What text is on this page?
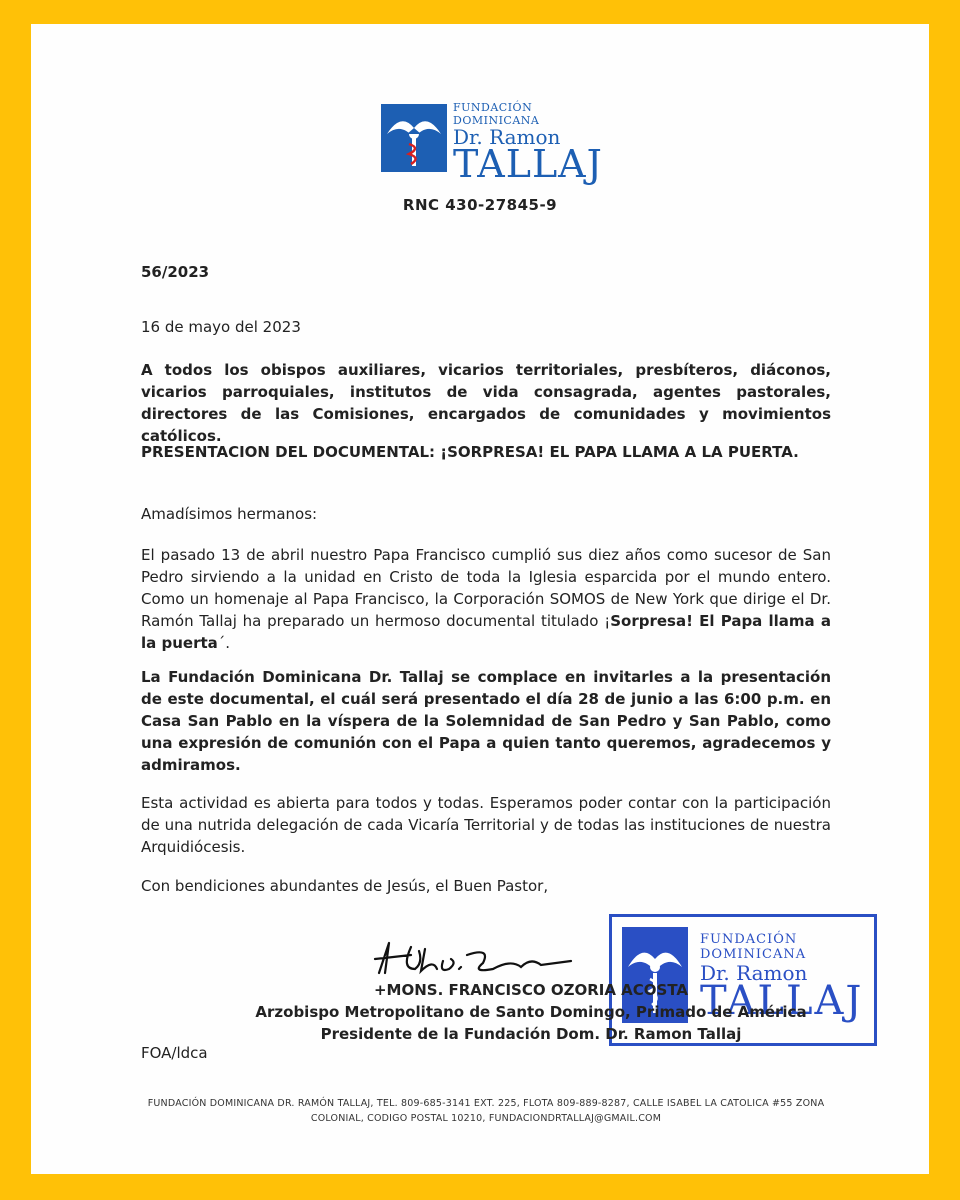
FUNDACIÓN
DOMINICANA
Dr. Ramon
TALLAJ
RNC 430-27845-9
56/2023
16 de mayo del 2023
A todos los obispos auxiliares, vicarios territoriales, presbíteros, diáconos, vicarios parroquiales, institutos de vida consagrada, agentes pastorales, directores de las Comisiones, encargados de comunidades y movimientos católicos.
PRESENTACION DEL DOCUMENTAL: ¡SORPRESA! EL PAPA LLAMA A LA PUERTA.
Amadísimos hermanos:
El pasado 13 de abril nuestro Papa Francisco cumplió sus diez años como sucesor de San Pedro sirviendo a la unidad en Cristo de toda la Iglesia esparcida por el mundo entero. Como un homenaje al Papa Francisco, la Corporación SOMOS de New York que dirige el Dr. Ramón Tallaj ha preparado un hermoso documental titulado ¡Sorpresa! El Papa llama a la puerta´.
La Fundación Dominicana Dr. Tallaj se complace en invitarles a la presentación de este documental, el cuál será presentado el día 28 de junio a las 6:00 p.m. en Casa San Pablo en la víspera de la Solemnidad de San Pedro y San Pablo, como una expresión de comunión con el Papa a quien tanto queremos, agradecemos y admiramos.
Esta actividad es abierta para todos y todas. Esperamos poder contar con la participación de una nutrida delegación de cada Vicaría Territorial y de todas las instituciones de nuestra Arquidiócesis.
Con bendiciones abundantes de Jesús, el Buen Pastor,
FUNDACIÓN
DOMINICANA
Dr. Ramon
TALLAJ
+MONS. FRANCISCO OZORIA ACOSTA
Arzobispo Metropolitano de Santo Domingo, Primado de América
Presidente de la Fundación Dom. Dr. Ramon Tallaj
FOA/ldca
FUNDACIÓN DOMINICANA DR. RAMÓN TALLAJ, TEL. 809-685-3141 EXT. 225, FLOTA 809-889-8287, CALLE ISABEL LA CATOLICA #55 ZONA
COLONIAL, CODIGO POSTAL 10210, FUNDACIONDRTALLAJ@GMAIL.COM
